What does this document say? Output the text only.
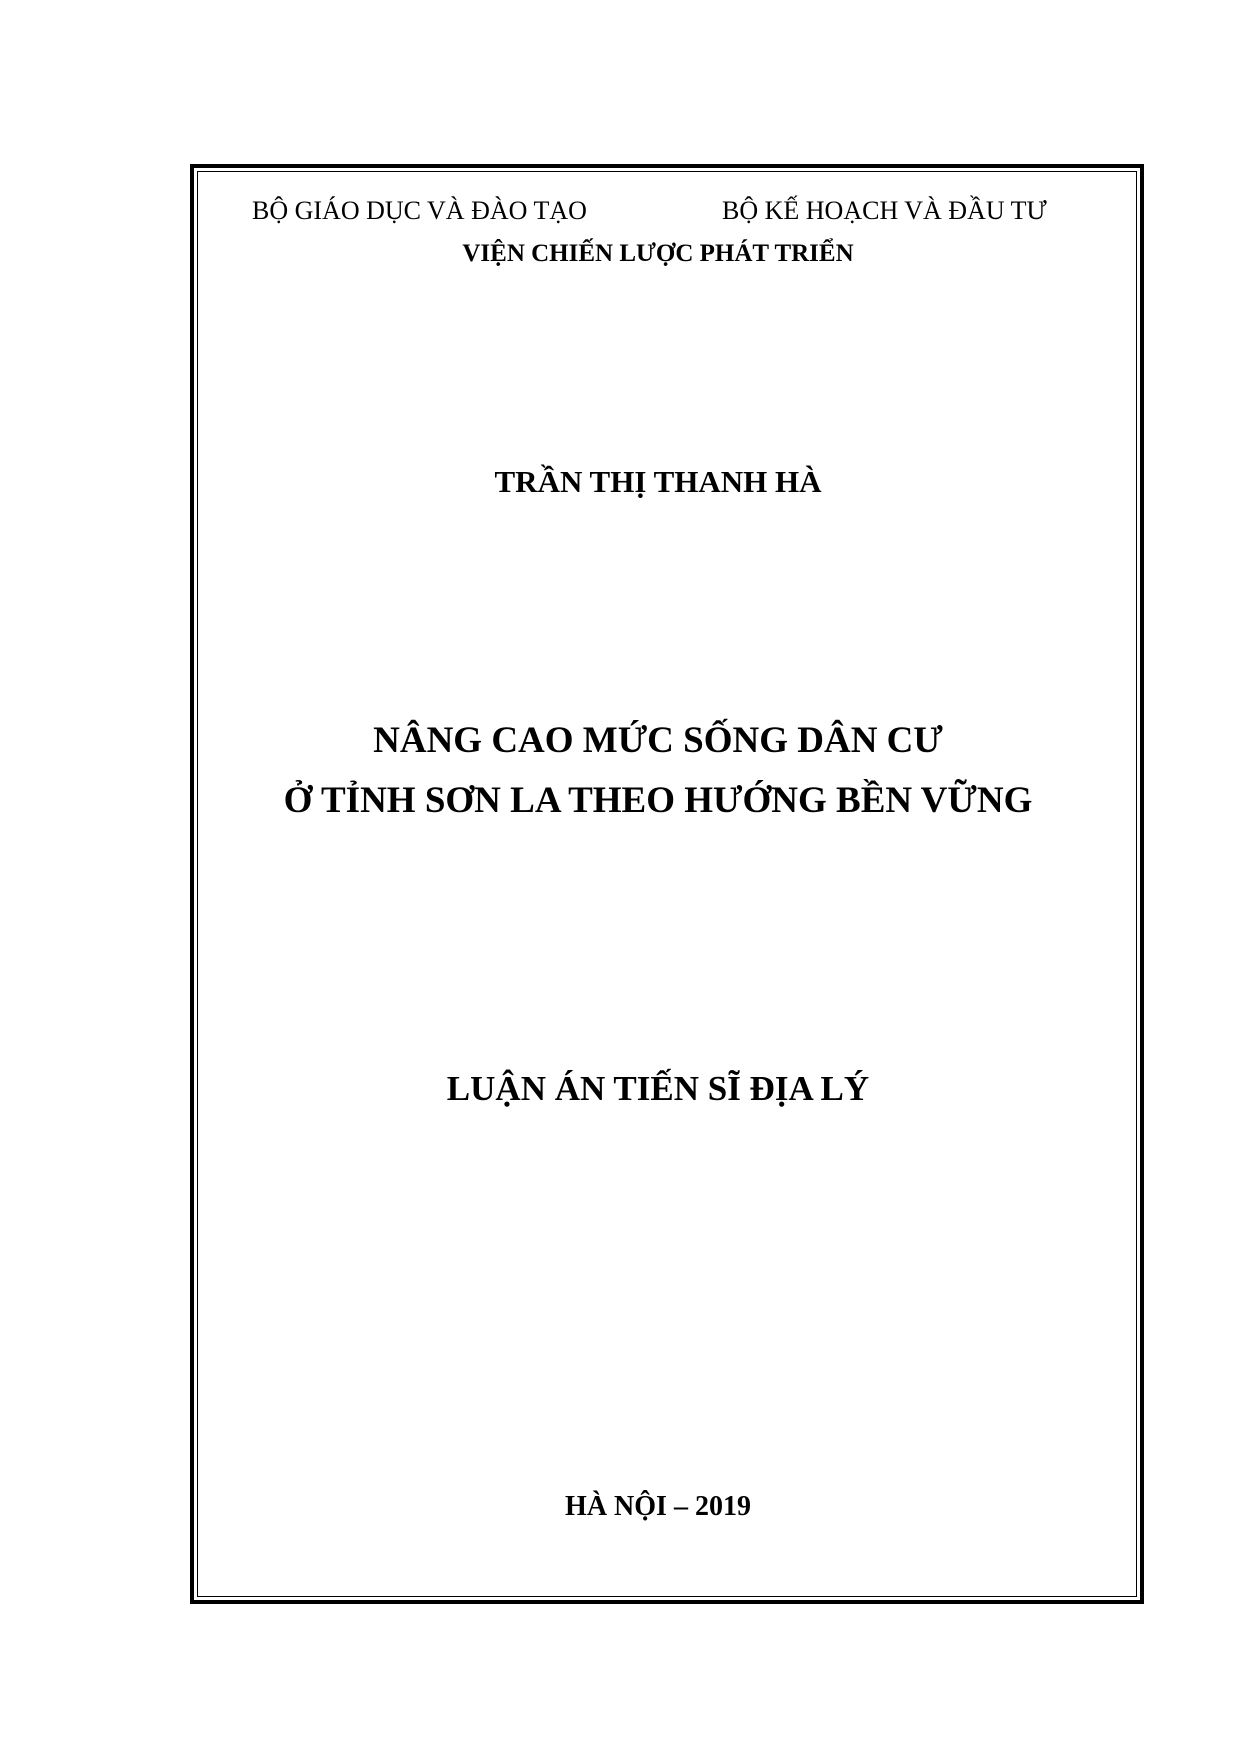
BỘ GIÁO DỤC VÀ ĐÀO TẠO	BỘ KẾ HOẠCH VÀ ĐẦU TƯ
VIỆN CHIẾN LƯỢC PHÁT TRIỂN
TRẦN THỊ THANH HÀ
NÂNG CAO MỨC SỐNG DÂN CƯ
Ở TỈNH SƠN LA THEO HƯỚNG BỀN VỮNG
LUẬN ÁN TIẾN SĨ ĐỊA LÝ
HÀ NỘI – 2019
